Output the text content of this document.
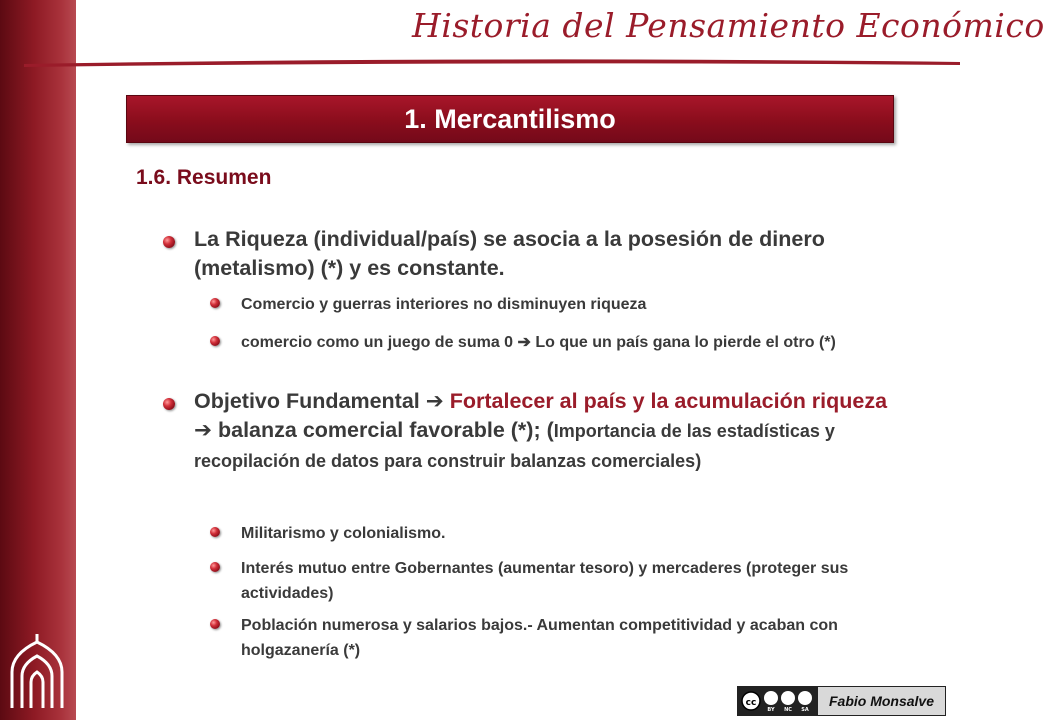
Historia del Pensamiento Económico
1. Mercantilismo
1.6. Resumen
La Riqueza (individual/país) se asocia a la posesión de dinero (metalismo) (*) y es constante.
Comercio y guerras interiores no disminuyen riqueza
comercio como un juego de suma 0 ➔ Lo que un país gana lo pierde el otro (*)
Objetivo Fundamental ➔ Fortalecer al país y la acumulación riqueza ➔ balanza comercial favorable (*); (Importancia de las estadísticas y recopilación de datos para construir balanzas comerciales)
Militarismo y colonialismo.
Interés mutuo entre Gobernantes (aumentar tesoro) y mercaderes (proteger sus actividades)
Población numerosa y salarios bajos.- Aumentan competitividad y acaban con holgazanería (*)
cc
BY NC SA
Fabio Monsalve
